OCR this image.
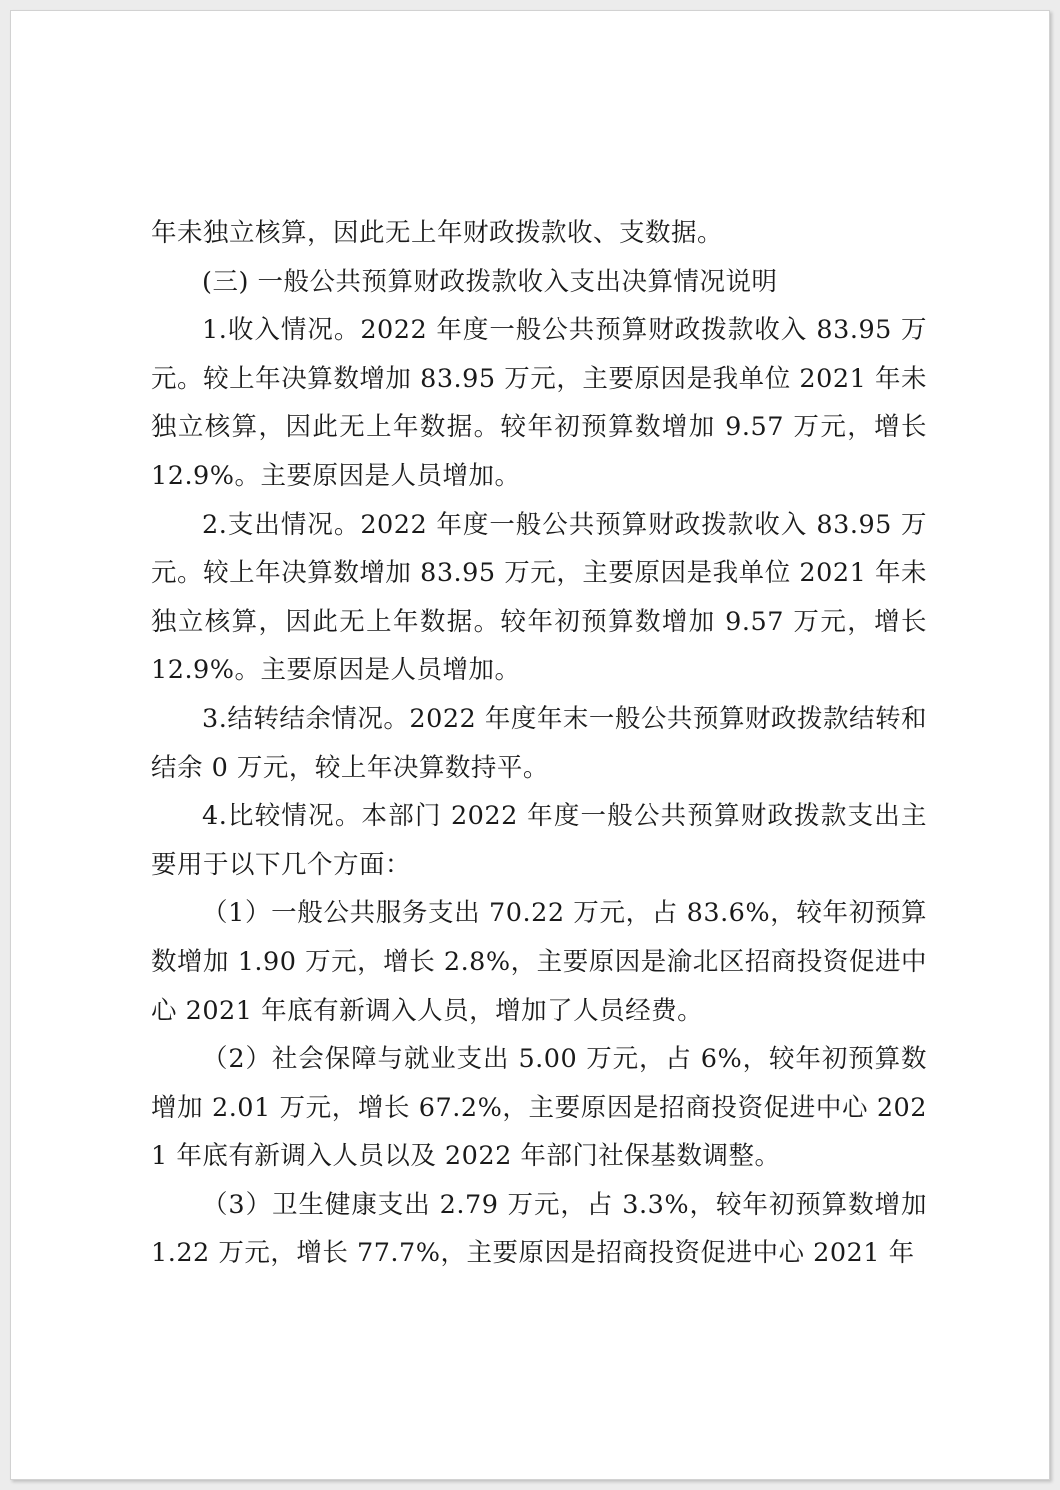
年未独立核算，因此无上年财政拨款收、支数据。

(三) 一般公共预算财政拨款收入支出决算情况说明

1.收入情况。2022 年度一般公共预算财政拨款收入 83.95 万元。较上年决算数增加 83.95 万元，主要原因是我单位 2021 年未独立核算，因此无上年数据。较年初预算数增加 9.57 万元，增长 12.9%。主要原因是人员增加。

2.支出情况。2022 年度一般公共预算财政拨款收入 83.95 万元。较上年决算数增加 83.95 万元，主要原因是我单位 2021 年未独立核算，因此无上年数据。较年初预算数增加 9.57 万元，增长 12.9%。主要原因是人员增加。

3.结转结余情况。2022 年度年末一般公共预算财政拨款结转和结余 0 万元，较上年决算数持平。

4.比较情况。本部门 2022 年度一般公共预算财政拨款支出主要用于以下几个方面：

（1）一般公共服务支出 70.22 万元，占 83.6%，较年初预算数增加 1.90 万元，增长 2.8%，主要原因是渝北区招商投资促进中心 2021 年底有新调入人员，增加了人员经费。

（2）社会保障与就业支出 5.00 万元，占 6%，较年初预算数增加 2.01 万元，增长 67.2%，主要原因是招商投资促进中心 2021 年底有新调入人员以及 2022 年部门社保基数调整。

（3）卫生健康支出 2.79 万元，占 3.3%，较年初预算数增加 1.22 万元，增长 77.7%，主要原因是招商投资促进中心 2021 年
